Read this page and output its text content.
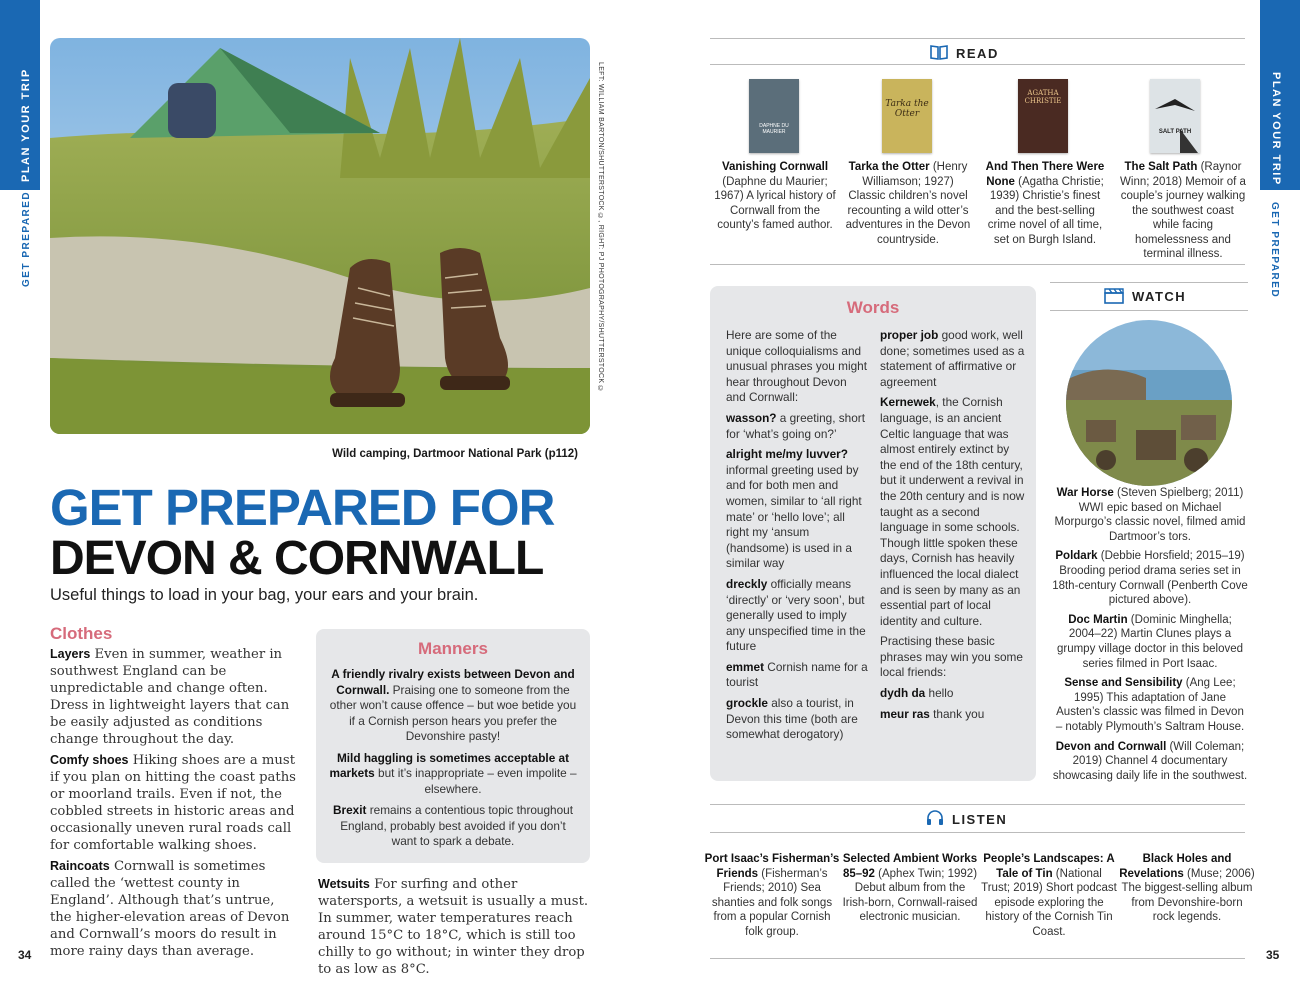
PLAN YOUR TRIP
GET PREPARED
PLAN YOUR TRIP
GET PREPARED
LEFT: WILLIAM BARTON/SHUTTERSTOCK ©, RIGHT: PJ PHOTOGRAPHY/SHUTTERSTOCK ©
Wild camping, Dartmoor National Park (p112)
GET PREPARED FOR
DEVON & CORNWALL
Useful things to load in your bag, your ears and your brain.
Clothes

Layers Even in summer, weather in southwest England can be unpredictable and change often. Dress in lightweight layers that can be easily adjusted as conditions change throughout the day.

Comfy shoes Hiking shoes are a must if you plan on hitting the coast paths or moorland trails. Even if not, the cobbled streets in historic areas and occasionally uneven rural roads call for comfortable walking shoes.

Raincoats Cornwall is sometimes called the ‘wettest county in England’. Although that’s untrue, the higher-elevation areas of Devon and Cornwall’s moors do result in more rainy days than average.

Manners

A friendly rivalry exists between Devon and Cornwall. Praising one to someone from the other won’t cause offence – but woe betide you if a Cornish person hears you prefer the Devonshire pasty!

Mild haggling is sometimes acceptable at markets but it’s inappropriate – even impolite – elsewhere.

Brexit remains a contentious topic throughout England, probably best avoided if you don’t want to spark a debate.

Wetsuits For surfing and other watersports, a wetsuit is usually a must. In summer, water temperatures reach around 15°C to 18°C, which is still too chilly to go without; in winter they drop to as low as 8°C.

34	35
READ
DAPHNE DU MAURIER
Tarka the Otter
AGATHA CHRISTIE
SALT PATH
Vanishing Cornwall (Daphne du Maurier; 1967) A lyrical history of Cornwall from the county’s famed author.
Tarka the Otter (Henry Williamson; 1927) Classic children’s novel recounting a wild otter’s adventures in the Devon countryside.
And Then There Were None (Agatha Christie; 1939) Christie’s finest and the best-selling crime novel of all time, set on Burgh Island.
The Salt Path (Raynor Winn; 2018) Memoir of a couple’s journey walking the southwest coast while facing homelessness and terminal illness.
Words

Here are some of the unique colloquialisms and unusual phrases you might hear throughout Devon and Cornwall:

wasson? a greeting, short for ‘what’s going on?’

alright me/my luvver? informal greeting used by and for both men and women, similar to ‘all right mate’ or ‘hello love’; all right my ‘ansum (handsome) is used in a similar way

dreckly officially means ‘directly’ or ‘very soon’, but generally used to imply any unspecified time in the future

emmet Cornish name for a tourist

grockle also a tourist, in Devon this time (both are somewhat derogatory)

proper job good work, well done; sometimes used as a statement of affirmative or agreement

Kernewek, the Cornish language, is an ancient Celtic language that was almost entirely extinct by the end of the 18th century, but it underwent a revival in the 20th century and is now taught as a second language in some schools. Though little spoken these days, Cornish has heavily influenced the local dialect and is seen by many as an essential part of local identity and culture.

Practising these basic phrases may win you some local friends:

dydh da hello

meur ras thank you

WATCH

War Horse (Steven Spielberg; 2011) WWI epic based on Michael Morpurgo’s classic novel, filmed amid Dartmoor’s tors.

Poldark (Debbie Horsfield; 2015–19) Brooding period drama series set in 18th-century Cornwall (Penberth Cove pictured above).

Doc Martin (Dominic Minghella; 2004–22) Martin Clunes plays a grumpy village doctor in this beloved series filmed in Port Isaac.

Sense and Sensibility (Ang Lee; 1995) This adaptation of Jane Austen’s classic was filmed in Devon – notably Plymouth’s Saltram House.

Devon and Cornwall (Will Coleman; 2019) Channel 4 documentary showcasing daily life in the southwest.

LISTEN
Port Isaac’s Fisherman’s Friends (Fisherman’s Friends; 2010) Sea shanties and folk songs from a popular Cornish folk group.
Selected Ambient Works 85–92 (Aphex Twin; 1992) Debut album from the Irish-born, Cornwall-raised electronic musician.
People’s Landscapes: A Tale of Tin (National Trust; 2019) Short podcast episode exploring the history of the Cornish Tin Coast.
Black Holes and Revelations (Muse; 2006) The biggest-selling album from Devonshire-born rock legends.
